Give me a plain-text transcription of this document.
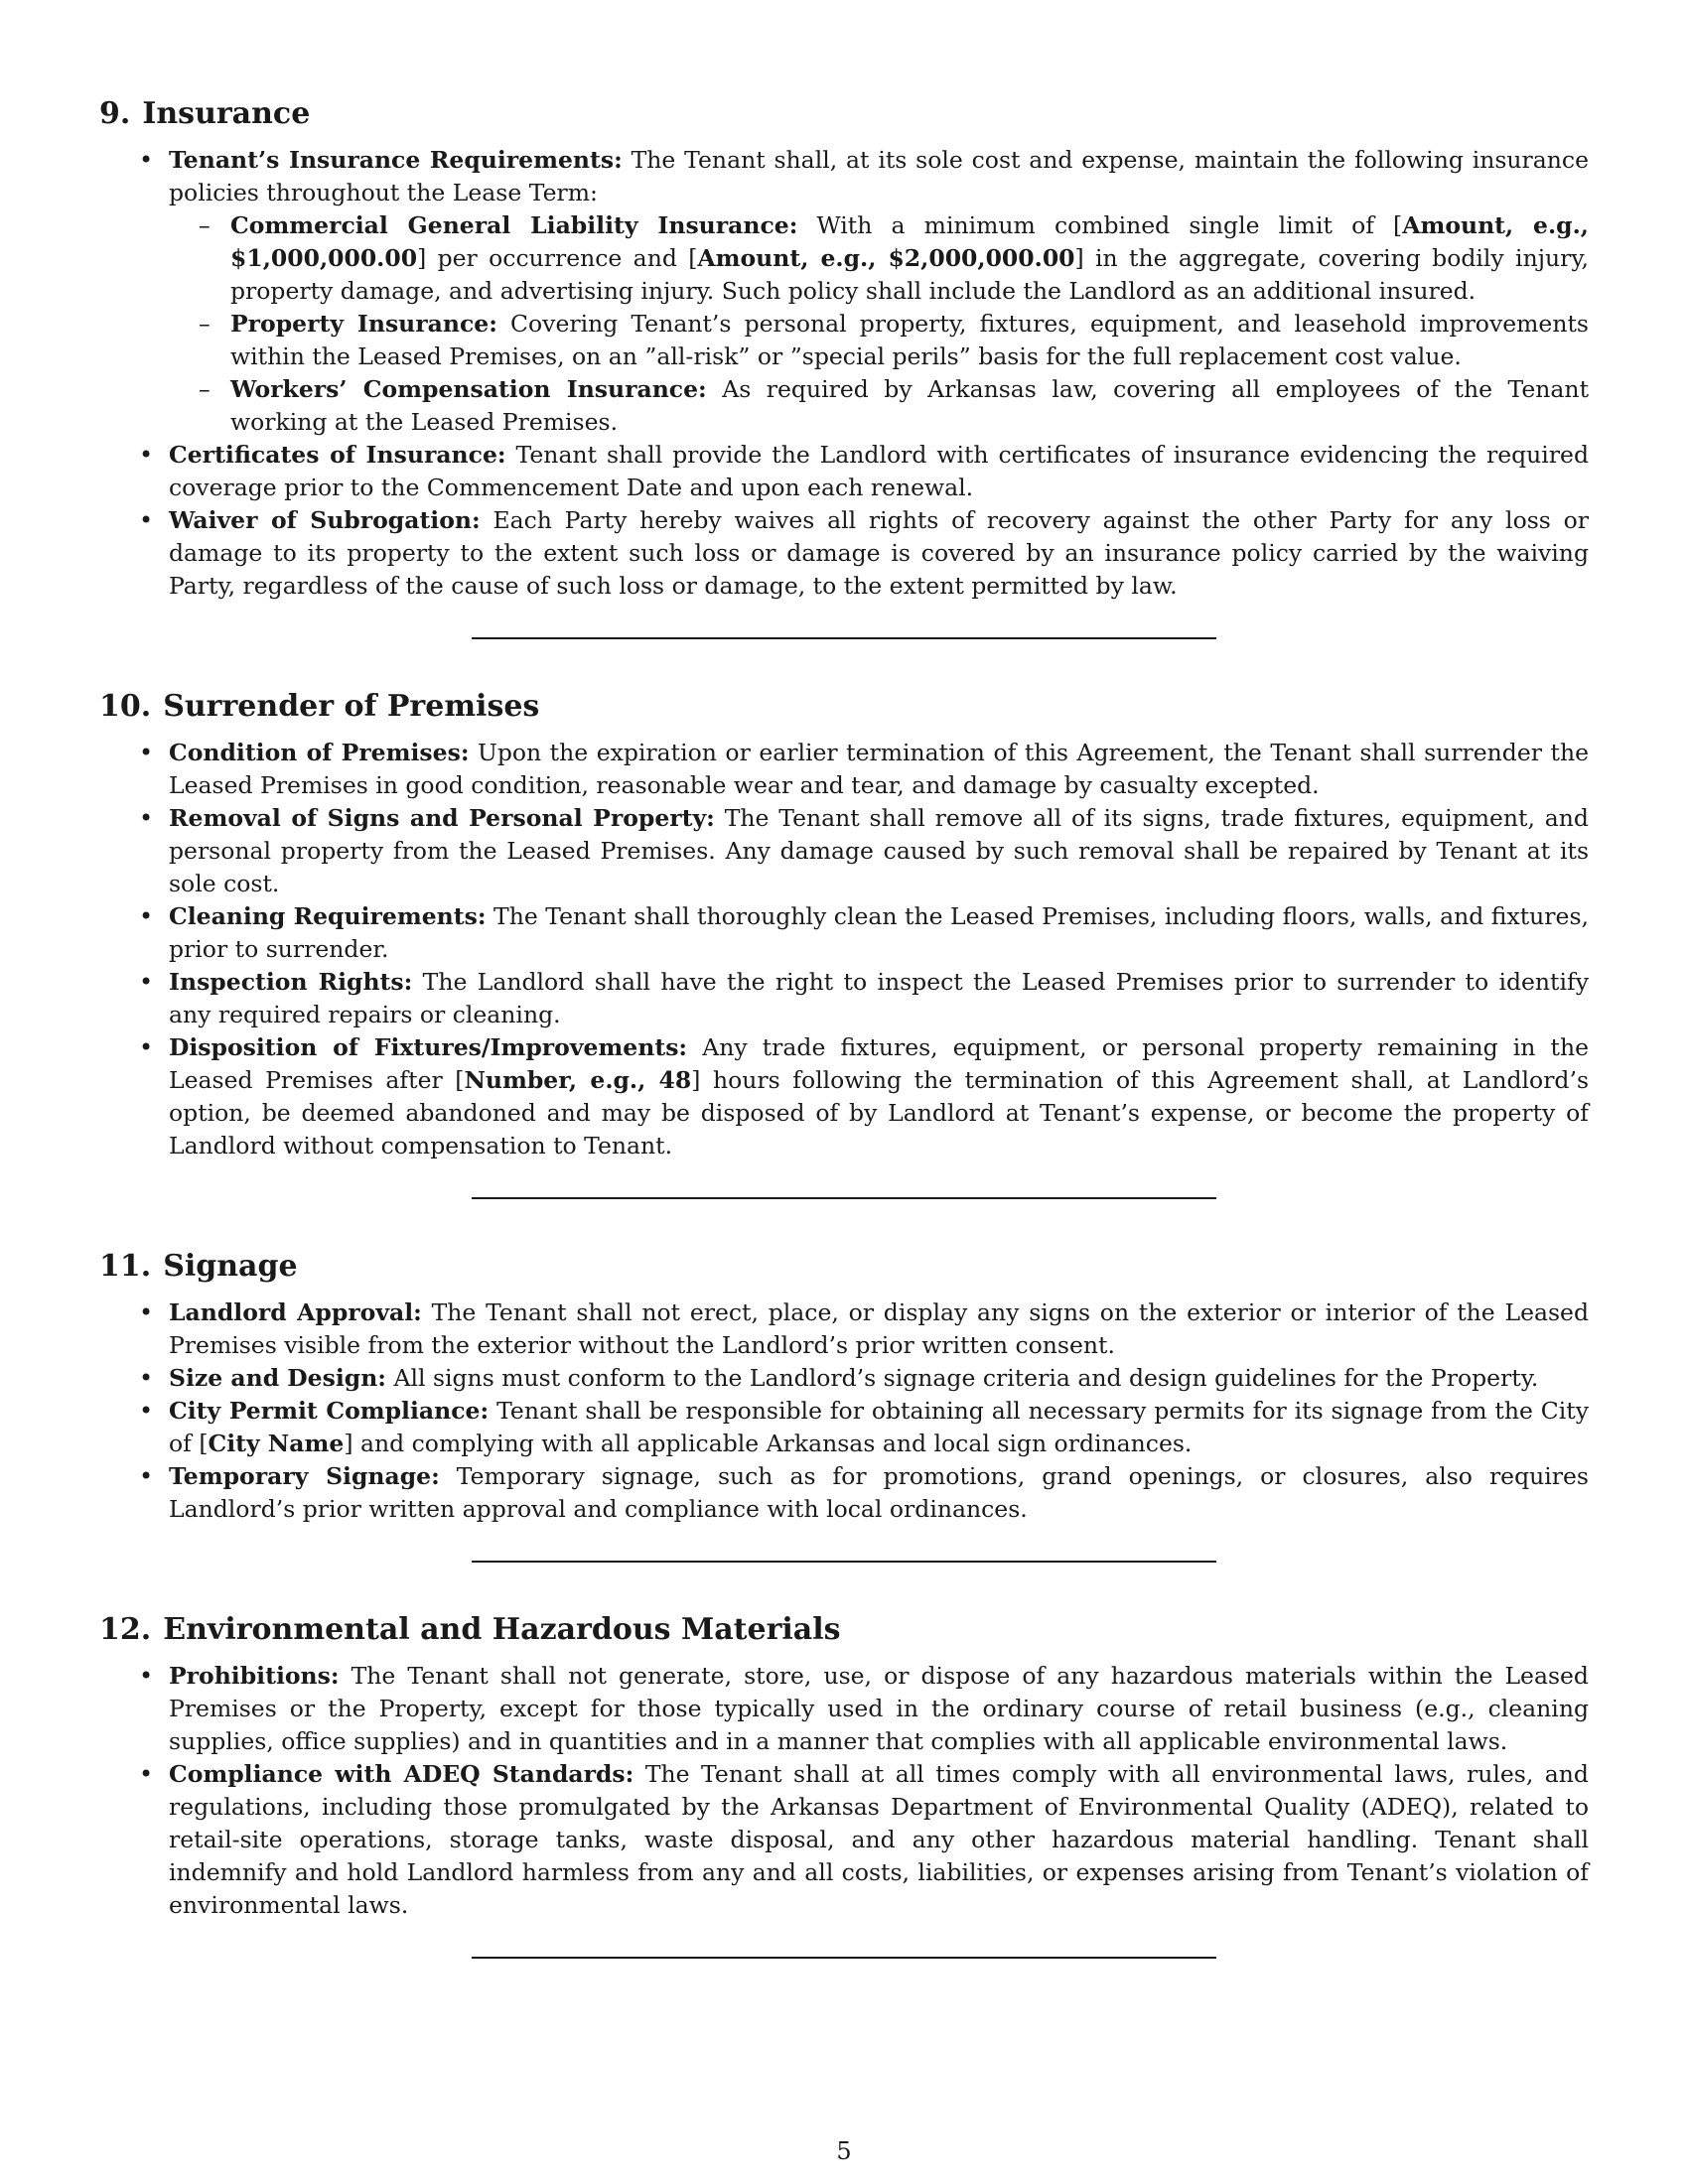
9. Insurance
• Tenant’s Insurance Requirements: The Tenant shall, at its sole cost and expense, maintain the following insurance policies throughout the Lease Term:
– Commercial General Liability Insurance: With a minimum combined single limit of [Amount, e.g., $1,000,000.00] per occurrence and [Amount, e.g., $2,000,000.00] in the aggregate, covering bodily injury, property damage, and advertising injury. Such policy shall include the Landlord as an additional insured.
– Property Insurance: Covering Tenant’s personal property, fixtures, equipment, and leasehold improvements within the Leased Premises, on an ”all-risk” or ”special perils” basis for the full replacement cost value.
– Workers’ Compensation Insurance: As required by Arkansas law, covering all employees of the Tenant working at the Leased Premises.
• Certificates of Insurance: Tenant shall provide the Landlord with certificates of insurance evidencing the required coverage prior to the Commencement Date and upon each renewal.
• Waiver of Subrogation: Each Party hereby waives all rights of recovery against the other Party for any loss or damage to its property to the extent such loss or damage is covered by an insurance policy carried by the waiving Party, regardless of the cause of such loss or damage, to the extent permitted by law.
10. Surrender of Premises
• Condition of Premises: Upon the expiration or earlier termination of this Agreement, the Tenant shall surrender the Leased Premises in good condition, reasonable wear and tear, and damage by casualty excepted.
• Removal of Signs and Personal Property: The Tenant shall remove all of its signs, trade fixtures, equipment, and personal property from the Leased Premises. Any damage caused by such removal shall be repaired by Tenant at its sole cost.
• Cleaning Requirements: The Tenant shall thoroughly clean the Leased Premises, including floors, walls, and fixtures, prior to surrender.
• Inspection Rights: The Landlord shall have the right to inspect the Leased Premises prior to surrender to identify any required repairs or cleaning.
• Disposition of Fixtures/Improvements: Any trade fixtures, equipment, or personal property remaining in the Leased Premises after [Number, e.g., 48] hours following the termination of this Agreement shall, at Landlord’s option, be deemed abandoned and may be disposed of by Landlord at Tenant’s expense, or become the property of Landlord without compensation to Tenant.
11. Signage
• Landlord Approval: The Tenant shall not erect, place, or display any signs on the exterior or interior of the Leased Premises visible from the exterior without the Landlord’s prior written consent.
• Size and Design: All signs must conform to the Landlord’s signage criteria and design guidelines for the Property.
• City Permit Compliance: Tenant shall be responsible for obtaining all necessary permits for its signage from the City of [City Name] and complying with all applicable Arkansas and local sign ordinances.
• Temporary Signage: Temporary signage, such as for promotions, grand openings, or closures, also requires Landlord’s prior written approval and compliance with local ordinances.
12. Environmental and Hazardous Materials
• Prohibitions: The Tenant shall not generate, store, use, or dispose of any hazardous materials within the Leased Premises or the Property, except for those typically used in the ordinary course of retail business (e.g., cleaning supplies, office supplies) and in quantities and in a manner that complies with all applicable environmental laws.
• Compliance with ADEQ Standards: The Tenant shall at all times comply with all environmental laws, rules, and regulations, including those promulgated by the Arkansas Department of Environmental Quality (ADEQ), related to retail-site operations, storage tanks, waste disposal, and any other hazardous material handling. Tenant shall indemnify and hold Landlord harmless from any and all costs, liabilities, or expenses arising from Tenant’s violation of environmental laws.
5
